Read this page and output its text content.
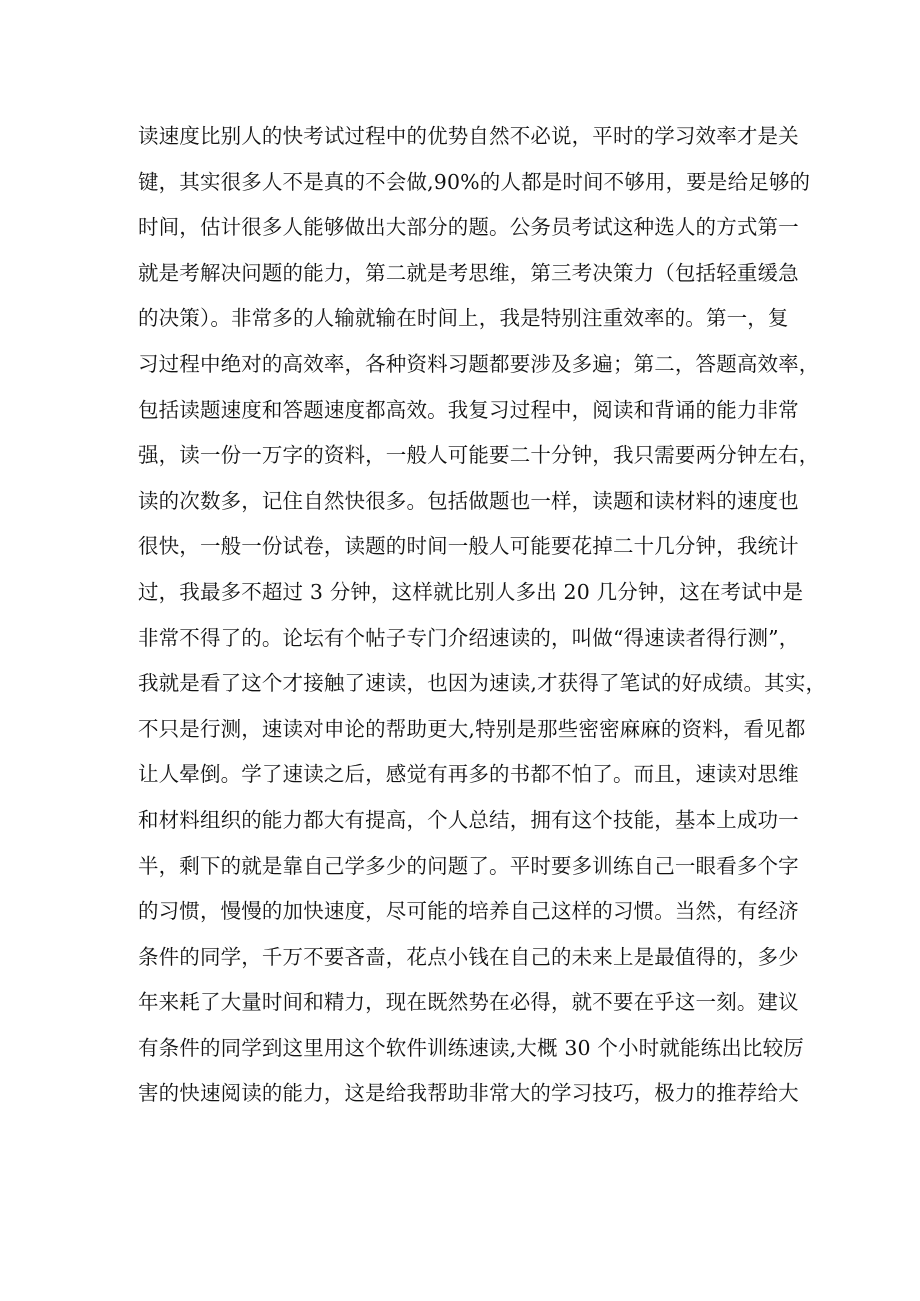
读速度比别人的快考试过程中的优势自然不必说，平时的学习效率才是关
键，其实很多人不是真的不会做,90%的人都是时间不够用，要是给足够的
时间，估计很多人能够做出大部分的题。公务员考试这种选人的方式第一
就是考解决问题的能力，第二就是考思维，第三考决策力（包括轻重缓急
的决策）。非常多的人输就输在时间上，我是特别注重效率的。第一，复
习过程中绝对的高效率，各种资料习题都要涉及多遍；第二，答题高效率，
包括读题速度和答题速度都高效。我复习过程中，阅读和背诵的能力非常
强，读一份一万字的资料，一般人可能要二十分钟，我只需要两分钟左右，
读的次数多，记住自然快很多。包括做题也一样，读题和读材料的速度也
很快，一般一份试卷，读题的时间一般人可能要花掉二十几分钟，我统计
过，我最多不超过 3 分钟，这样就比别人多出 20 几分钟，这在考试中是
非常不得了的。论坛有个帖子专门介绍速读的，叫做“得速读者得行测”，
我就是看了这个才接触了速读，也因为速读,才获得了笔试的好成绩。其实，
不只是行测，速读对申论的帮助更大,特别是那些密密麻麻的资料，看见都
让人晕倒。学了速读之后，感觉有再多的书都不怕了。而且，速读对思维
和材料组织的能力都大有提高，个人总结，拥有这个技能，基本上成功一
半，剩下的就是靠自己学多少的问题了。平时要多训练自己一眼看多个字
的习惯，慢慢的加快速度，尽可能的培养自己这样的习惯。当然，有经济
条件的同学，千万不要吝啬，花点小钱在自己的未来上是最值得的，多少
年来耗了大量时间和精力，现在既然势在必得，就不要在乎这一刻。建议
有条件的同学到这里用这个软件训练速读,大概 30 个小时就能练出比较厉
害的快速阅读的能力，这是给我帮助非常大的学习技巧，极力的推荐给大
